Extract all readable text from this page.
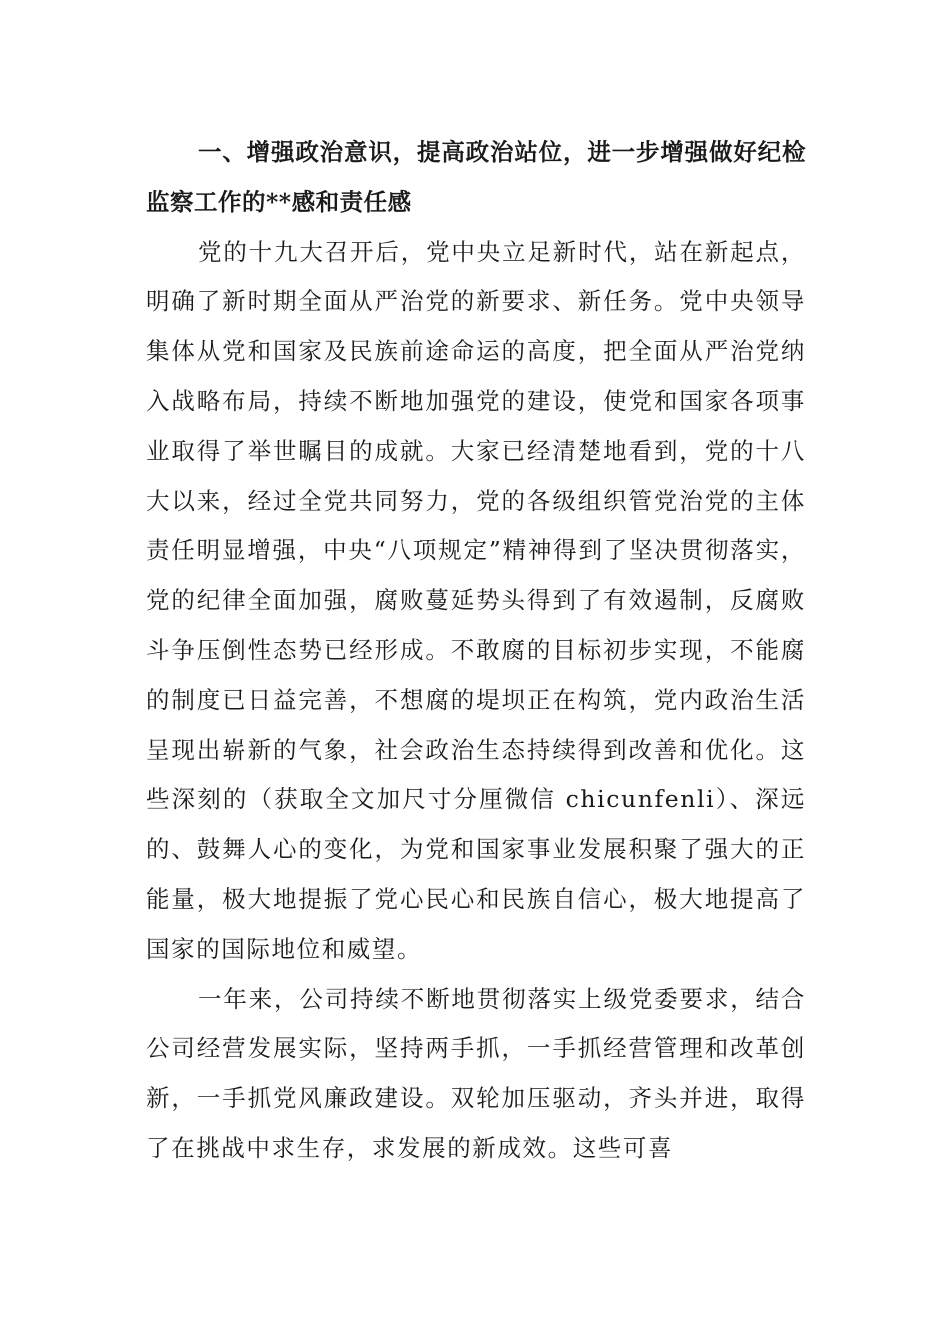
一、增强政治意识，提高政治站位，进一步增强做好纪检监察工作的**感和责任感

党的十九大召开后，党中央立足新时代，站在新起点，明确了新时期全面从严治党的新要求、新任务。党中央领导集体从党和国家及民族前途命运的高度，把全面从严治党纳入战略布局，持续不断地加强党的建设，使党和国家各项事业取得了举世瞩目的成就。大家已经清楚地看到，党的十八大以来，经过全党共同努力，党的各级组织管党治党的主体责任明显增强，中央“八项规定”精神得到了坚决贯彻落实，党的纪律全面加强，腐败蔓延势头得到了有效遏制，反腐败斗争压倒性态势已经形成。不敢腐的目标初步实现，不能腐的制度已日益完善，不想腐的堤坝正在构筑，党内政治生活呈现出崭新的气象，社会政治生态持续得到改善和优化。这些深刻的（获取全文加尺寸分厘微信 chicunfenli）、深远的、鼓舞人心的变化，为党和国家事业发展积聚了强大的正能量，极大地提振了党心民心和民族自信心，极大地提高了国家的国际地位和威望。

一年来，公司持续不断地贯彻落实上级党委要求，结合公司经营发展实际，坚持两手抓，一手抓经营管理和改革创新，一手抓党风廉政建设。双轮加压驱动，齐头并进，取得了在挑战中求生存，求发展的新成效。这些可喜
